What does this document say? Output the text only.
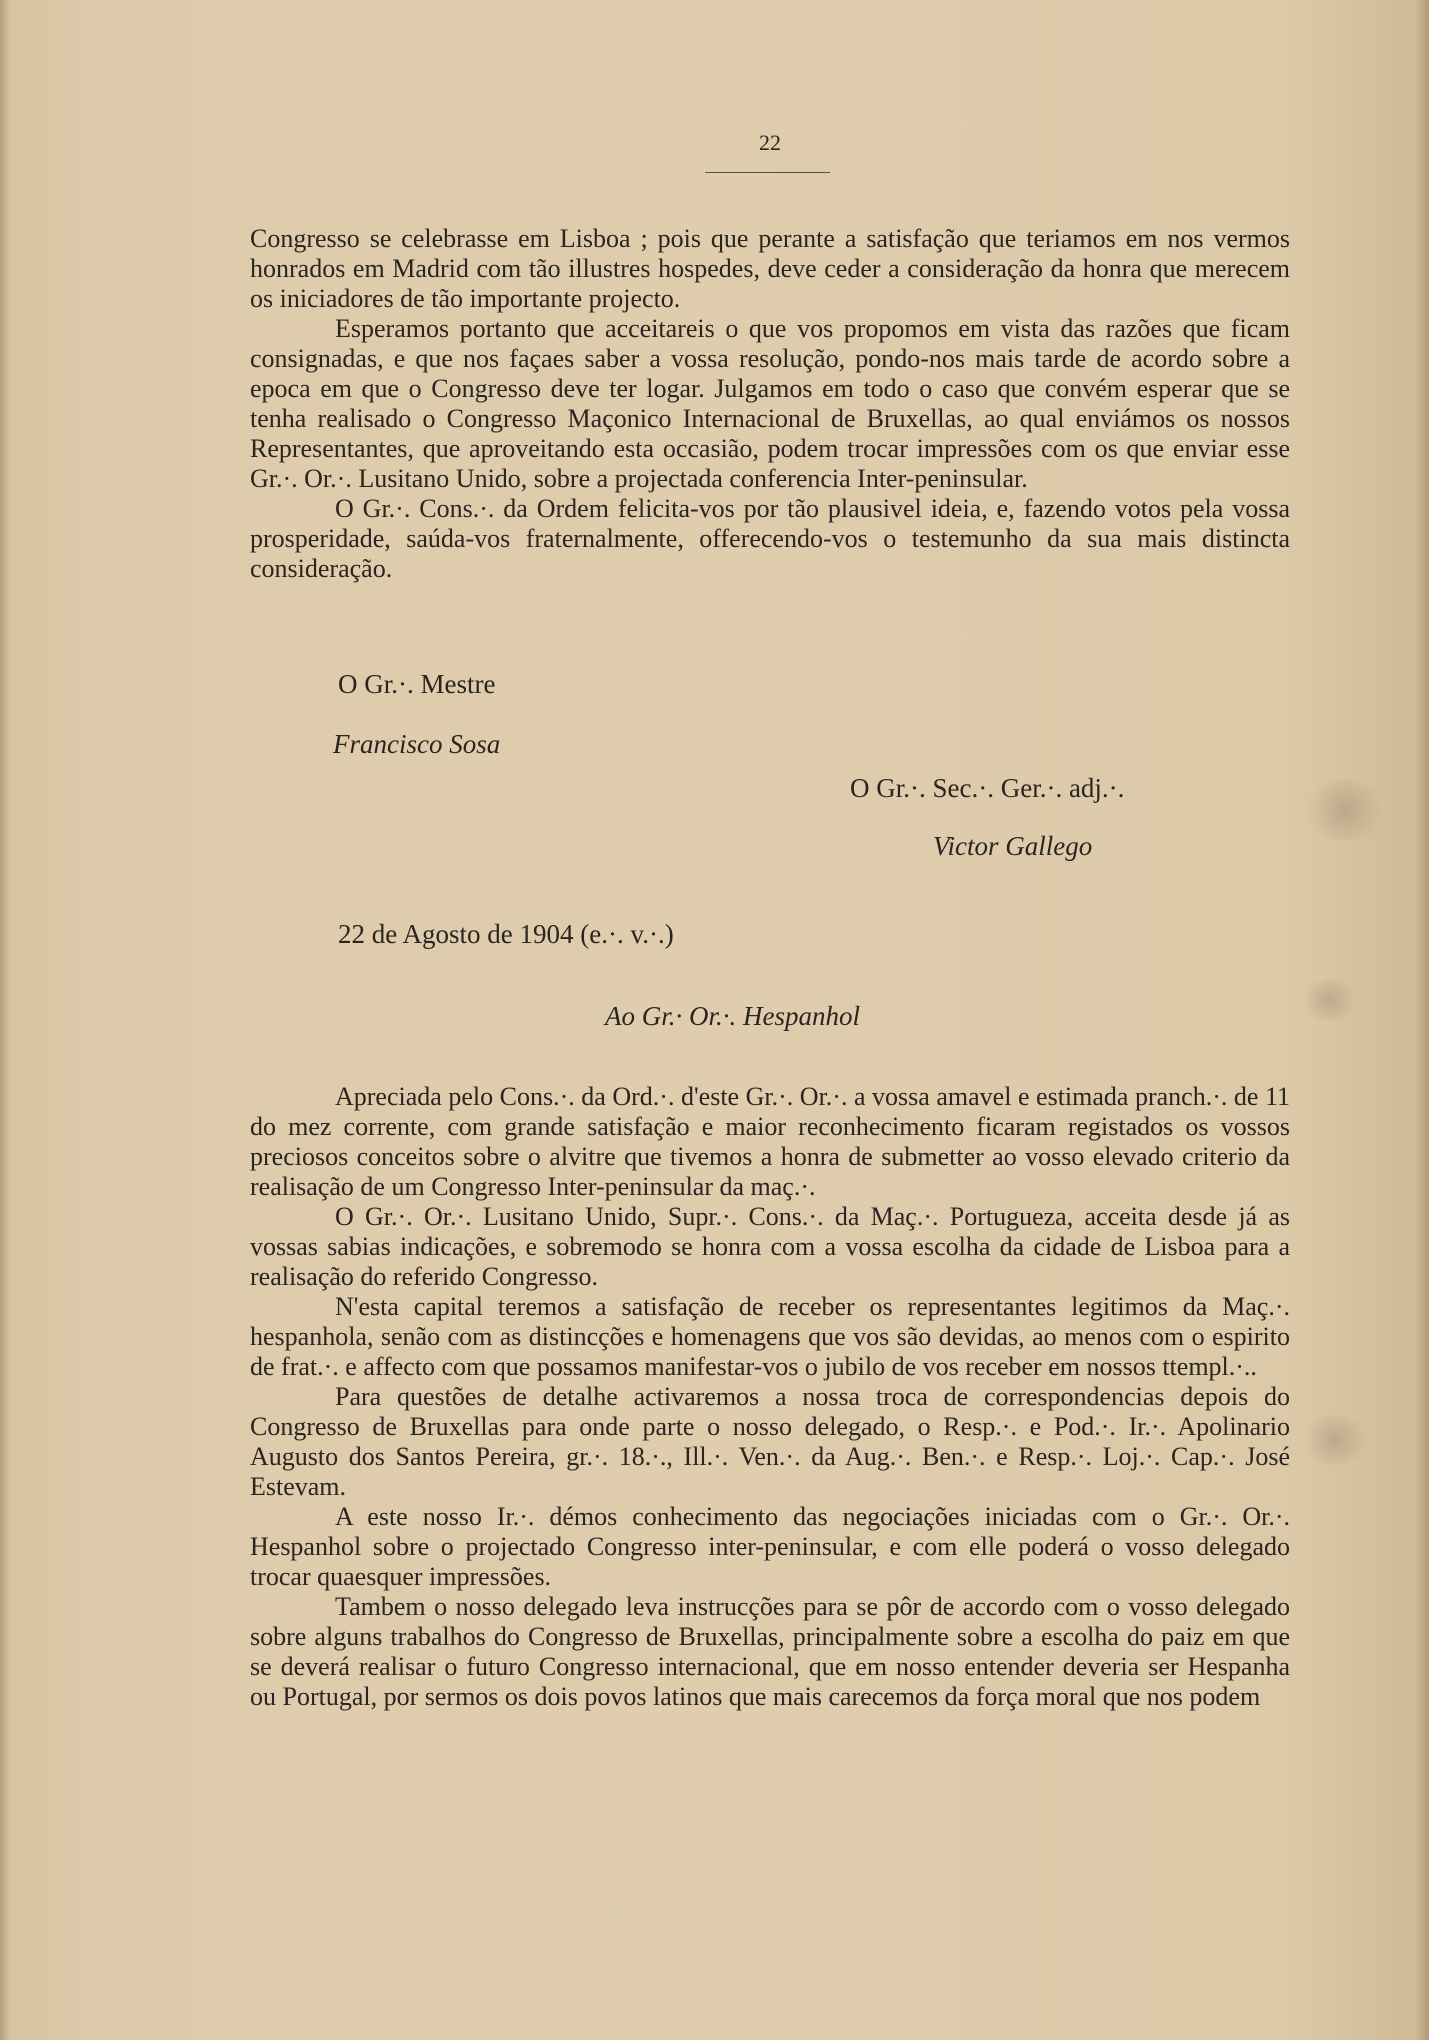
22

Congresso se celebrasse em Lisboa ; pois que perante a satisfação que teriamos em nos vermos honrados em Madrid com tão illustres hospedes, deve ceder a consideração da honra que merecem os iniciadores de tão importante projecto.

Esperamos portanto que acceitareis o que vos propomos em vista das razões que ficam consignadas, e que nos façaes saber a vossa resolução, pondo-nos mais tarde de acordo sobre a epoca em que o Congresso deve ter logar. Julgamos em todo o caso que convém esperar que se tenha realisado o Congresso Maçonico Internacional de Bruxellas, ao qual enviámos os nossos Representantes, que aproveitando esta occasião, podem trocar impressões com os que enviar esse Gr.·. Or.·. Lusitano Unido, sobre a projectada conferencia Inter-peninsular.

O Gr.·. Cons.·. da Ordem felicita-vos por tão plausivel ideia, e, fazendo votos pela vossa prosperidade, saúda-vos fraternalmente, offerecendo-vos o testemunho da sua mais distincta consideração.

O Gr.·. Mestre
Francisco Sosa
O Gr.·. Sec.·. Ger.·. adj.·.
Victor Gallego
22 de Agosto de 1904 (e.·. v.·.)
Ao Gr.· Or.·. Hespanhol

Apreciada pelo Cons.·. da Ord.·. d'este Gr.·. Or.·. a vossa amavel e estimada pranch.·. de 11 do mez corrente, com grande satisfação e maior reconhecimento ficaram registados os vossos preciosos conceitos sobre o alvitre que tivemos a honra de submetter ao vosso elevado criterio da realisação de um Congresso Inter-peninsular da maç.·.

O Gr.·. Or.·. Lusitano Unido, Supr.·. Cons.·. da Maç.·. Portugueza, acceita desde já as vossas sabias indicações, e sobremodo se honra com a vossa escolha da cidade de Lisboa para a realisação do referido Congresso.

N'esta capital teremos a satisfação de receber os representantes legitimos da Maç.·. hespanhola, senão com as distincções e homenagens que vos são devidas, ao menos com o espirito de frat.·. e affecto com que possamos manifestar-vos o jubilo de vos receber em nossos ttempl.·..

Para questões de detalhe activaremos a nossa troca de correspondencias depois do Congresso de Bruxellas para onde parte o nosso delegado, o Resp.·. e Pod.·. Ir.·. Apolinario Augusto dos Santos Pereira, gr.·. 18.·., Ill.·. Ven.·. da Aug.·. Ben.·. e Resp.·. Loj.·. Cap.·. José Estevam.

A este nosso Ir.·. démos conhecimento das negociações iniciadas com o Gr.·. Or.·. Hespanhol sobre o projectado Congresso inter-peninsular, e com elle poderá o vosso delegado trocar quaesquer impressões.

Tambem o nosso delegado leva instrucções para se pôr de accordo com o vosso delegado sobre alguns trabalhos do Congresso de Bruxellas, principalmente sobre a escolha do paiz em que se deverá realisar o futuro Congresso internacional, que em nosso entender deveria ser Hespanha ou Portugal, por sermos os dois povos latinos que mais carecemos da força moral que nos podem
